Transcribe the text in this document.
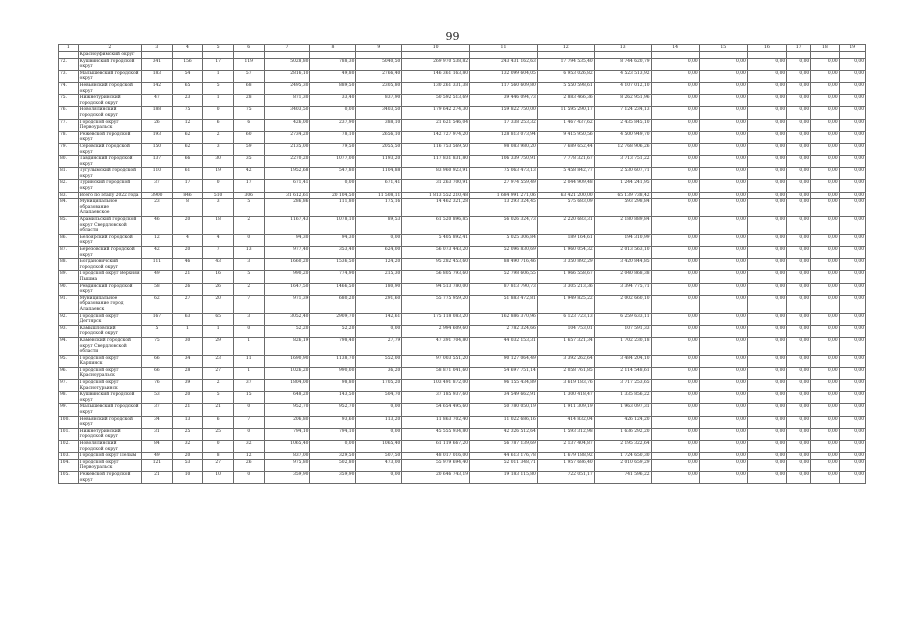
99
1	2	3	4	5	6	7	8	9	10	11	12	13	14	15	16	17	18	19
	Красноуфимский округ																	
72.	Кушвинский городской округ	341	156	17	119	5028,80	788,30	5040,50	269 970 538,82	243 431 162,63	17 794 535,40	8 744 620,79	0,00	0,00	0,00	0,00	0,00	0,00
73.	Малышевский городской округ	183	54	1	57	2816,10	49,80	2766,40	146 361 163,80	132 099 604,05	6 953 026,82	4 523 513,92	0,00	0,00	0,00	0,00	0,00	0,00
74.	Невьянский городской округ	142	65	5	68	2495,30	889,50	2305,80	130 261 331,38	117 560 609,80	5 550 598,61	4 107 012,10	0,00	0,00	0,00	0,00	0,00	0,00
75.	Нижнетуринский городской округ	47	23	1	28	871,30	33,40	837,90	50 592 513,69	39 446 094,73	2 883 466,36	8 262 951,96	0,00	0,00	0,00	0,00	0,00	0,00
76.	Новолялинский городской округ	188	75	0	75	3403,50	0,00	3403,50	179 642 274,30	159 822 750,00	11 595 290,17	7 124 234,13	0,00	0,00	0,00	0,00	0,00	0,00
77.	Городской округ Первоуральск	26	12	6	6	426,00	237,90	388,10	21 621 546,04	17 338 253,32	1 467 437,62	2 435 845,10	0,00	0,00	0,00	0,00	0,00	0,00
78.	Режевской городской округ	193	62	2	60	2734,20	78,10	2656,10	142 727 974,20	128 813 073,94	9 415 950,56	4 500 949,70	0,00	0,00	0,00	0,00	0,00	0,00
79.	Серовский городской округ	150	62	3	59	2135,00	79,50	2055,50	116 753 569,50	98 083 980,20	7 689 652,44	12 768 906,26	0,00	0,00	0,00	0,00	0,00	0,00
80.	Тавдинский городской округ	137	66	30	35	2270,20	1077,00	1193,20	117 831 831,80	106 339 750,91	7 778 321,67	3 713 751,22	0,00	0,00	0,00	0,00	0,00	0,00
81.	Тугулымский городской округ	110	61	19	42	1952,68	547,80	1104,88	83 960 923,91	75 063 473,13	5 458 842,77	2 530 607,71	0,00	0,00	0,00	0,00	0,00	0,00
82.	Туринский городской округ	37	17	0	17	671,41	0,00	671,41	31 263 700,91	27 974 559,49	2 044 909,48	1 244 241,95	0,00	0,00	0,00	0,00	0,00	0,00
83.	Всего по этапу 2022 года	3900	846	510	306	31 612,61	20 104,50	11 508,11	1 813 552 210,48	1 684 991 271,06	63 421 200,00	65 139 738,42	0,00	0,00	0,00	0,00	0,00	0,00
84.	Муниципальное образование Алапаевское	23	8	3	5	286,86	111,80	175,16	14 462 321,28	13 293 324,45	575 683,09	593 298,84	0,00	0,00	0,00	0,00	0,00	0,00
85.	Арамильский городской округ Свердловской области	46	20	18	2	1167,43	1078,10	89,53	61 520 896,85	56 026 324,73	2 220 683,31	2 180 889,84	0,00	0,00	0,00	0,00	0,00	0,00
86.	Белоярский городской округ	12	4	4	0	94,30	94,30	0,00	5 405 892,41	5 025 306,84	189 164,61	194 310,99	0,00	0,00	0,00	0,00	0,00	0,00
87.	Березовский городской округ	42	20	7	13	977,40	353,40	624,00	56 073 443,20	52 096 830,69	1 960 054,32	2 013 563,10	0,00	0,00	0,00	0,00	0,00	0,00
88.	Богдановичский городской округ	111	46	43	3	1660,20	1536,50	124,20	95 282 453,60	88 490 716,46	3 350 892,29	3 420 844,85	0,00	0,00	0,00	0,00	0,00	0,00
89.	Городской округ Верхняя Пышма	49	21	16	5	990,20	774,90	215,30	56 805 793,60	52 798 606,55	1 966 558,67	2 040 868,38	0,00	0,00	0,00	0,00	0,00	0,00
90.	Ревдинский городской округ	58	26	26	2	1647,50	1466,50	180,90	94 513 780,00	87 813 790,73	3 305 213,36	3 394 775,71	0,00	0,00	0,00	0,00	0,00	0,00
91.	Муниципальное образование город Алапаевск	62	27	20	7	971,39	680,20	291,60	55 775 959,20	51 883 472,81	1 949 825,22	2 002 660,10	0,00	0,00	0,00	0,00	0,00	0,00
92.	Городской округ Дегтярск	167	63	65	3	3052,40	2909,70	142,61	175 118 083,20	162 886 370,96	6 123 723,13	6 259 633,11	0,00	0,00	0,00	0,00	0,00	0,00
93.	Камышловский городской округ	5	1	1	0	52,20	52,20	0,00	2 994 609,60	2 782 324,66	104 753,01	107 591,33	0,00	0,00	0,00	0,00	0,00	0,00
94.	Каменский городской округ Свердловской области	75	30	29	1	826,19	798,40	27,79	47 391 704,80	44 032 153,31	1 657 321,34	1 702 230,18	0,00	0,00	0,00	0,00	0,00	0,00
95.	Городской округ Карпинск	66	34	23	11	1690,90	1138,70	552,00	97 003 551,20	90 127 064,49	3 392 262,64	3 484 204,10	0,00	0,00	0,00	0,00	0,00	0,00
96.	Городской округ Красноуральск	66	28	27	1	1026,20	990,00	36,20	58 871 041,60	54 697 751,14	2 058 761,85	2 114 548,61	0,00	0,00	0,00	0,00	0,00	0,00
97.	Городской округ Краснотурьинск	76	39	2	37	1804,00	98,80	1705,20	103 491 872,00	96 155 434,89	3 619 183,76	3 717 253,65	0,00	0,00	0,00	0,00	0,00	0,00
98.	Кушвинский городской округ	53	20	5	15	648,20	143,50	504,70	37 185 937,60	34 549 662,91	1 300 418,47	1 335 856,22	0,00	0,00	0,00	0,00	0,00	0,00
99.	Малышевский городской округ	37	21	21	0	952,70	952,70	0,00	54 654 495,60	50 780 050,19	1 911 309,19	1 963 097,31	0,00	0,00	0,00	0,00	0,00	0,00
100.	Невьянский городской округ	34	13	6	7	206,80	93,60	113,20	11 863 702,40	11 022 686,16	414 832,04	426 124,20	0,00	0,00	0,00	0,00	0,00	0,00
101.	Нижнетуринский городской округ	31	25	25	0	794,10	794,10	0,00	45 555 934,80	42 326 512,64	1 593 312,98	1 636 292,20	0,00	0,00	0,00	0,00	0,00	0,00
102.	Новолялинский городской округ	84	32	0	32	1065,40	0,00	1065,40	61 119 667,20	56 787 139,69	2 137 404,87	2 195 322,64	0,00	0,00	0,00	0,00	0,00	0,00
103.	Городской округ Пелым	49	20	8	12	837,00	329,50	507,50	48 017 016,00	44 613 176,78	1 679 188,92	1 724 650,30	0,00	0,00	0,00	0,00	0,00	0,00
104.	Городской округ Первоуральск	121	53	27	26	975,80	502,80	473,00	55 979 694,40	52 011 348,71	1 957 686,40	2 010 659,29	0,00	0,00	0,00	0,00	0,00	0,00
105.	Режевской городской округ	21	10	10	0	359,90	359,90	0,00	20 646 743,19	19 183 115,80	722 051,17	741 596,22	0,00	0,00	0,00	0,00	0,00	0,00
